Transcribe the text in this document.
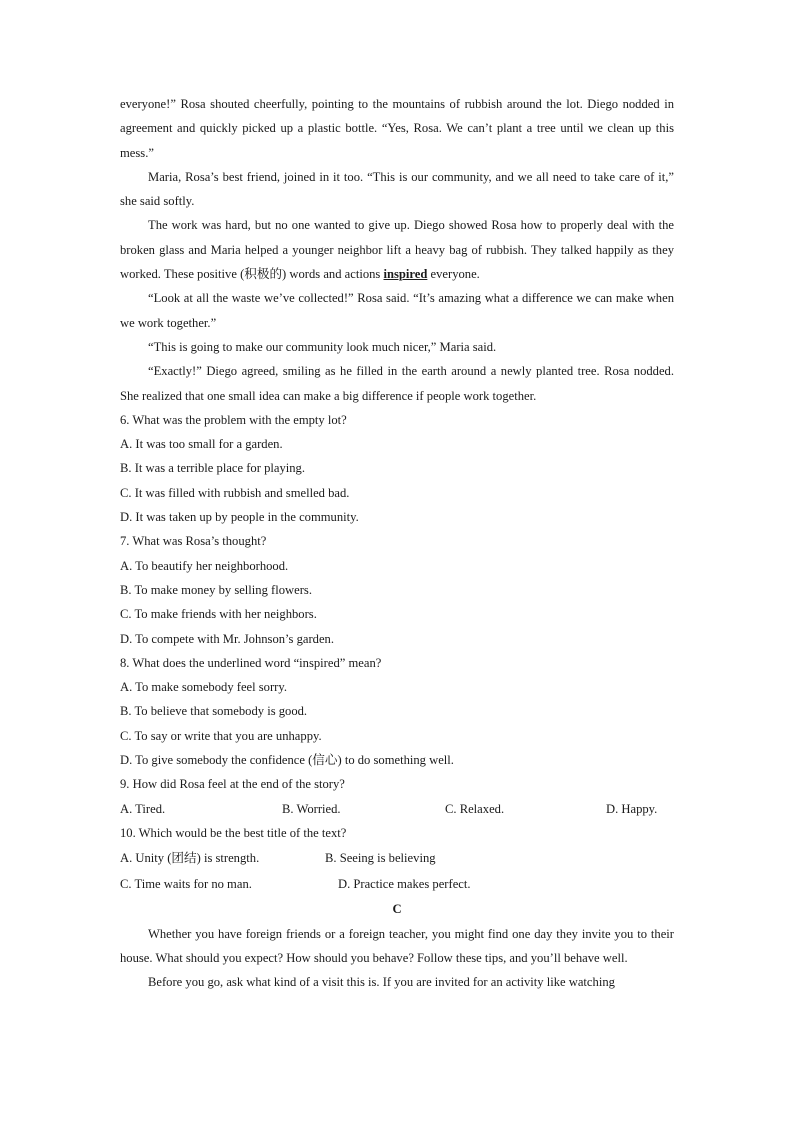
everyone!” Rosa shouted cheerfully, pointing to the mountains of rubbish around the lot. Diego nodded in agreement and quickly picked up a plastic bottle. “Yes, Rosa. We can’t plant a tree until we clean up this mess.”
Maria, Rosa’s best friend, joined in it too. “This is our community, and we all need to take care of it,” she said softly.
The work was hard, but no one wanted to give up. Diego showed Rosa how to properly deal with the broken glass and Maria helped a younger neighbor lift a heavy bag of rubbish. They talked happily as they worked. These positive (积极的) words and actions inspired everyone.
“Look at all the waste we’ve collected!” Rosa said. “It’s amazing what a difference we can make when we work together.”
“This is going to make our community look much nicer,” Maria said.
“Exactly!” Diego agreed, smiling as he filled in the earth around a newly planted tree. Rosa nodded. She realized that one small idea can make a big difference if people work together.
6. What was the problem with the empty lot?
A. It was too small for a garden.
B. It was a terrible place for playing.
C. It was filled with rubbish and smelled bad.
D. It was taken up by people in the community.
7. What was Rosa’s thought?
A. To beautify her neighborhood.
B. To make money by selling flowers.
C. To make friends with her neighbors.
D. To compete with Mr. Johnson’s garden.
8. What does the underlined word “inspired” mean?
A. To make somebody feel sorry.
B. To believe that somebody is good.
C. To say or write that you are unhappy.
D. To give somebody the confidence (信心) to do something well.
9. How did Rosa feel at the end of the story?
A. Tired.	B. Worried.	C. Relaxed.	D. Happy.
10. Which would be the best title of the text?
A. Unity (团结) is strength.	B. Seeing is believing
C. Time waits for no man.	D. Practice makes perfect.
C
Whether you have foreign friends or a foreign teacher, you might find one day they invite you to their house. What should you expect? How should you behave? Follow these tips, and you’ll behave well.
Before you go, ask what kind of a visit this is. If you are invited for an activity like watching
